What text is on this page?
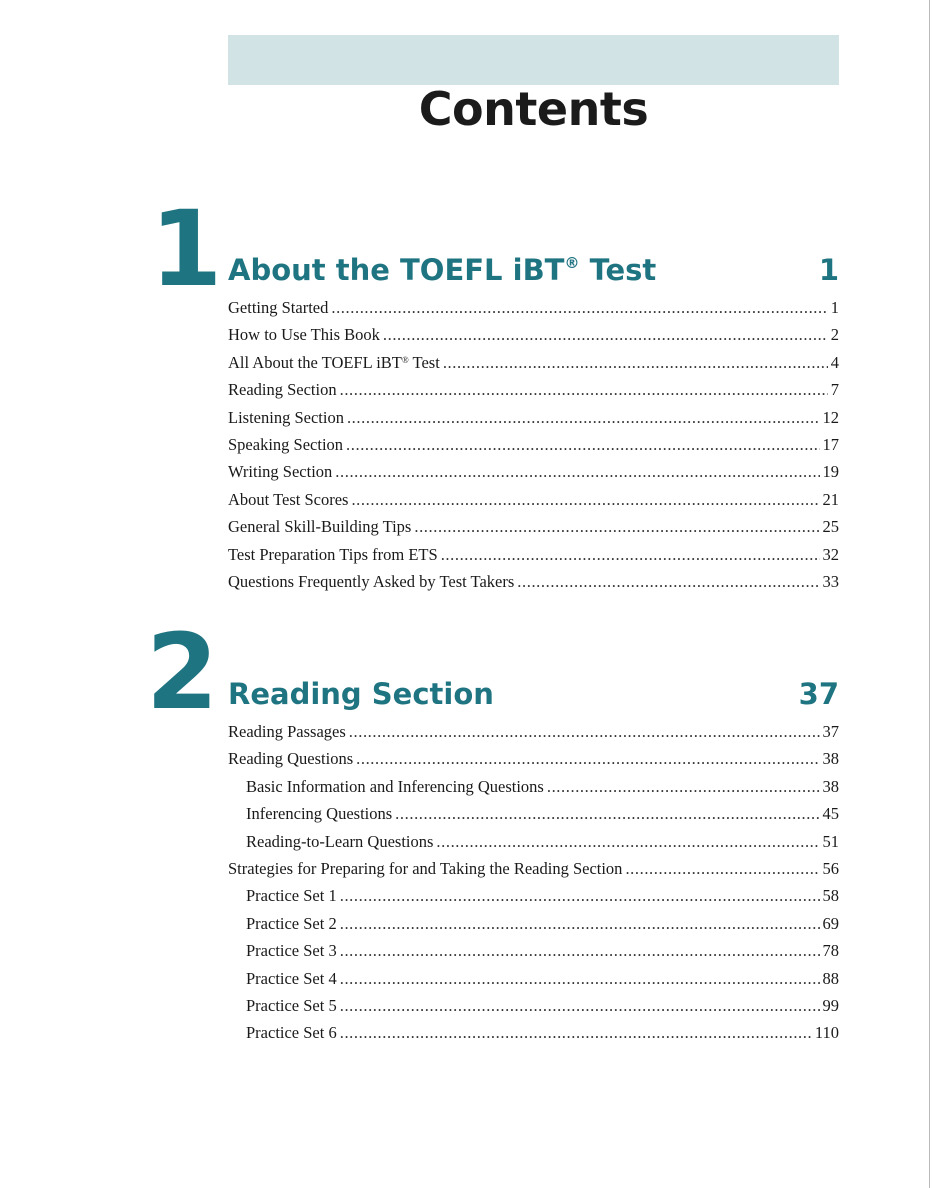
Contents
1 About the TOEFL iBT® Test	1
Getting Started .....	1
How to Use This Book .....	2
All About the TOEFL iBT® Test .....	4
Reading Section .....	7
Listening Section .....	12
Speaking Section .....	17
Writing Section .....	19
About Test Scores .....	21
General Skill-Building Tips .....	25
Test Preparation Tips from ETS .....	32
Questions Frequently Asked by Test Takers .....	33
2 Reading Section	37
Reading Passages .....	37
Reading Questions .....	38
Basic Information and Inferencing Questions .....	38
Inferencing Questions .....	45
Reading-to-Learn Questions .....	51
Strategies for Preparing for and Taking the Reading Section .....	56
Practice Set 1 .....	58
Practice Set 2 .....	69
Practice Set 3 .....	78
Practice Set 4 .....	88
Practice Set 5 .....	99
Practice Set 6 .....	110
